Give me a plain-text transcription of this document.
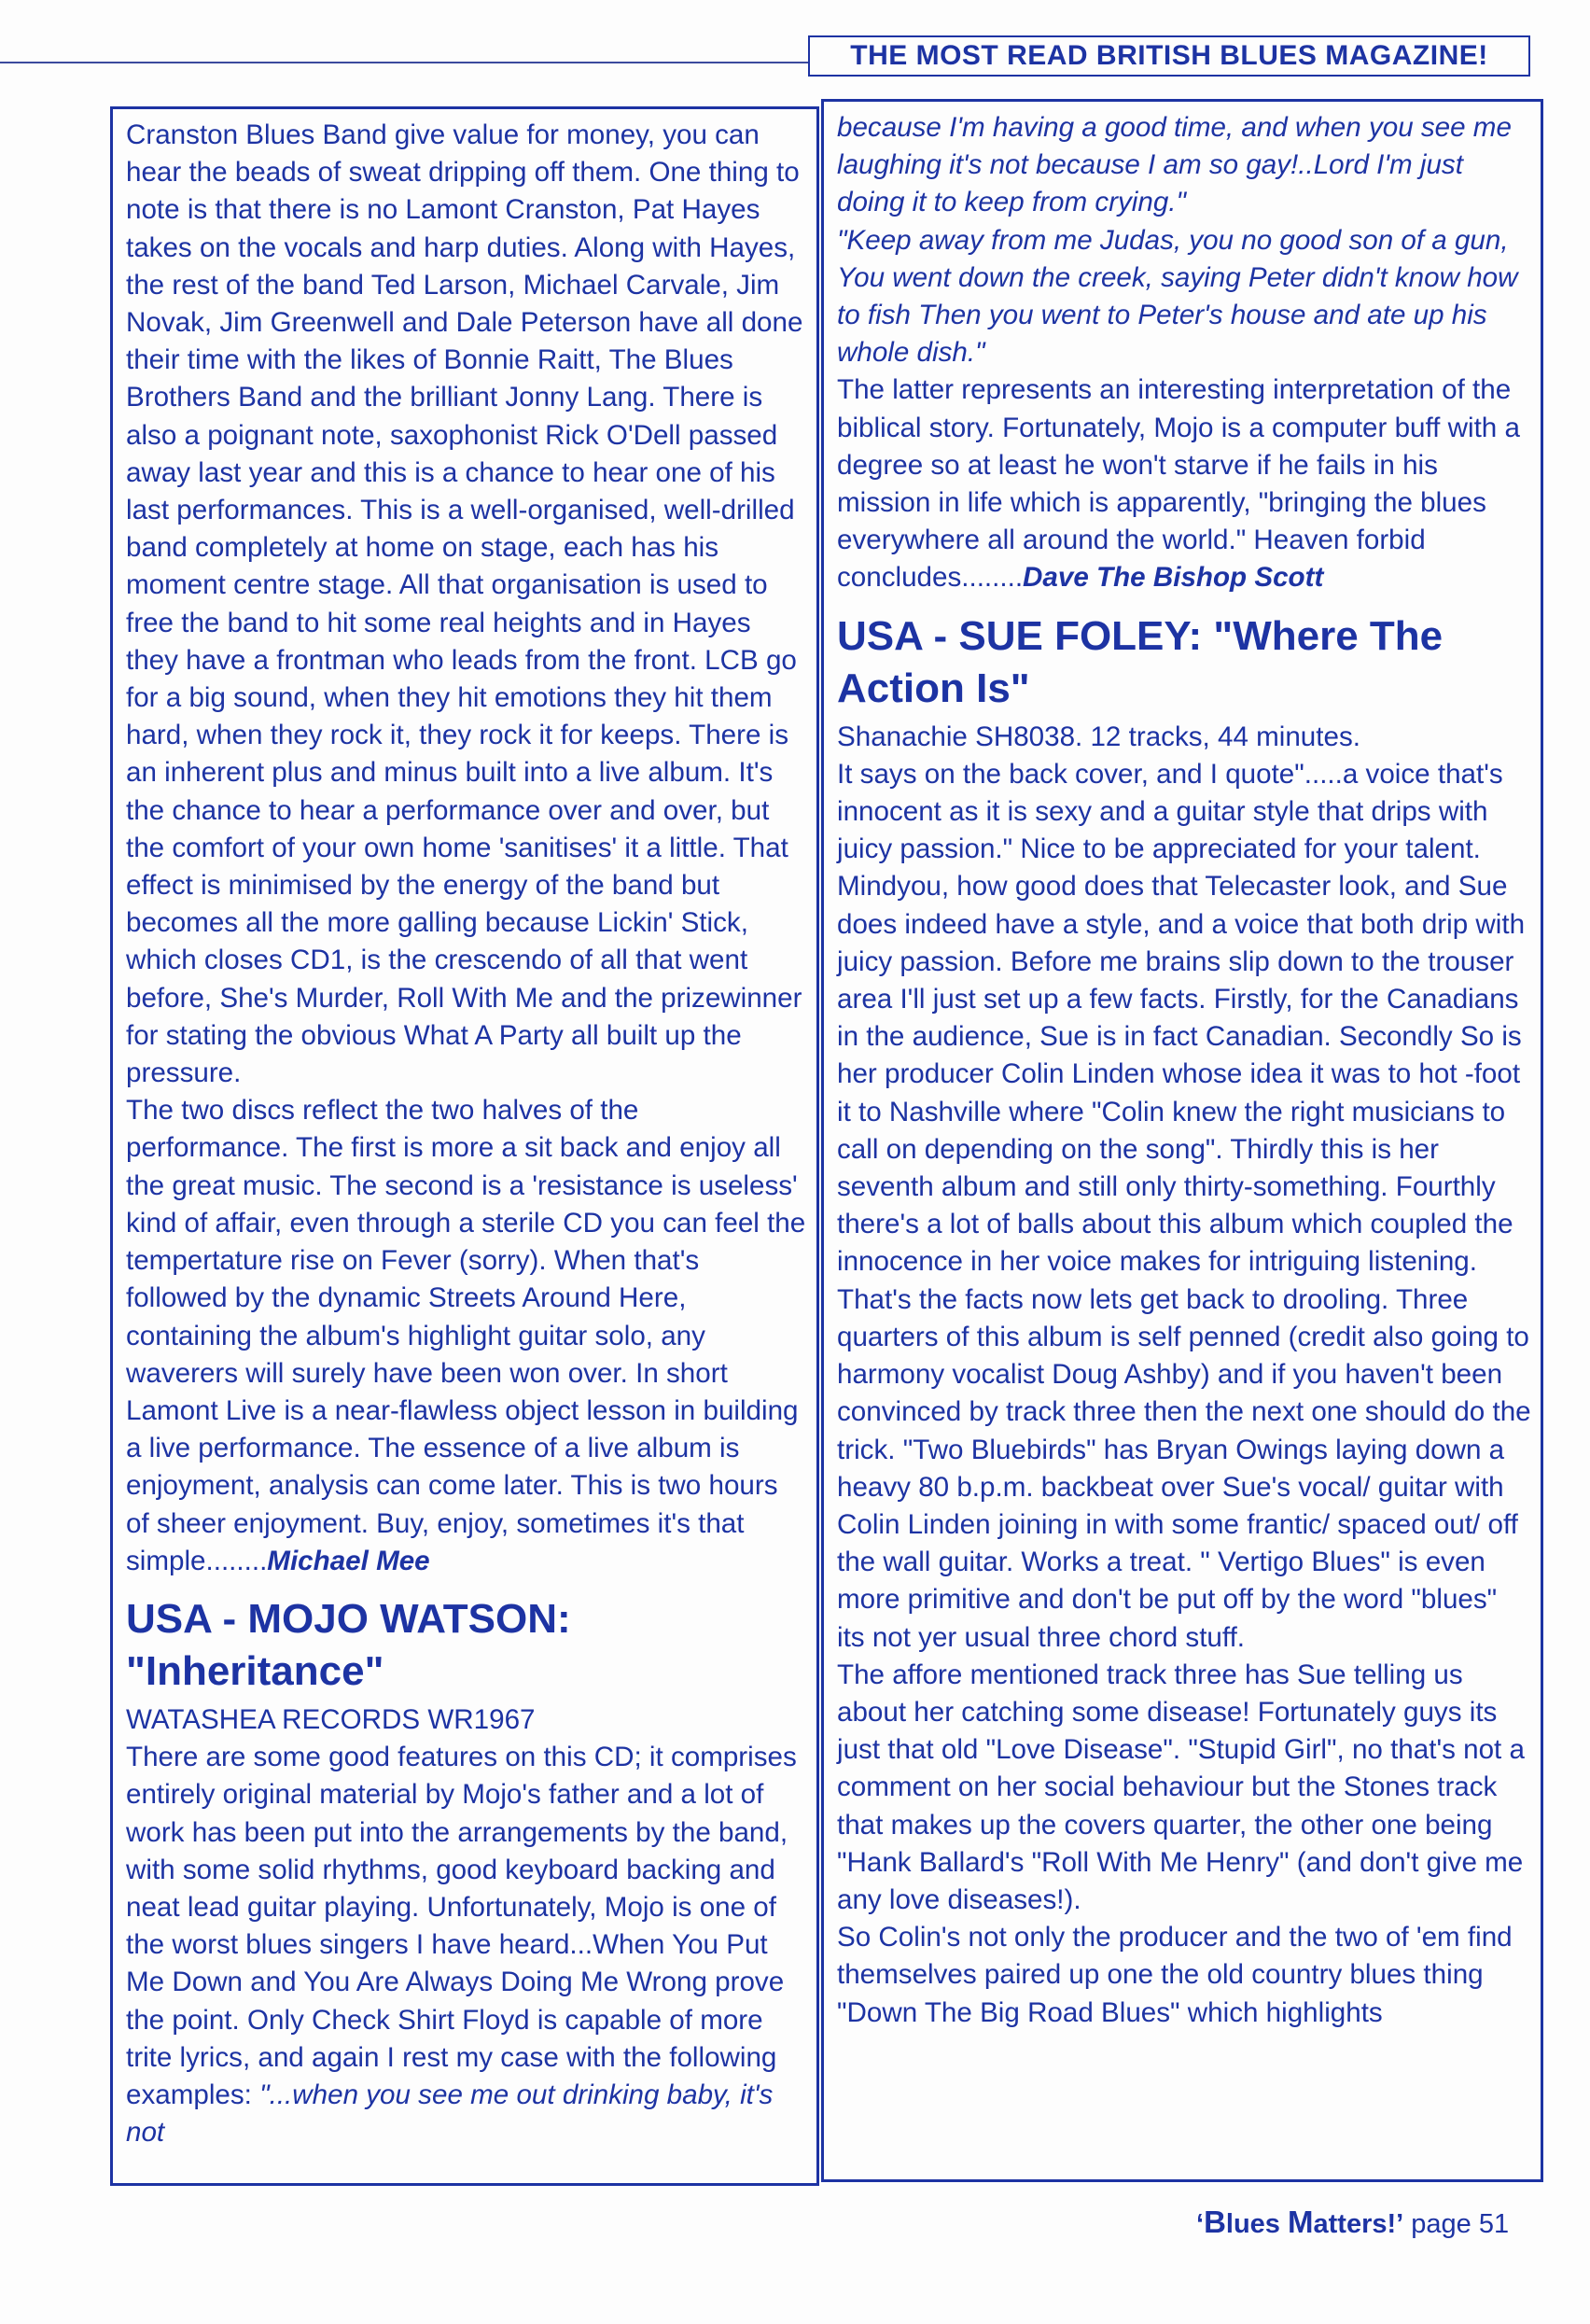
THE MOST READ BRITISH BLUES MAGAZINE!

Cranston Blues Band give value for money, you can hear the beads of sweat dripping off them. One thing to note is that there is no Lamont Cranston, Pat Hayes takes on the vocals and harp duties. Along with Hayes, the rest of the band Ted Larson, Michael Carvale, Jim Novak, Jim Greenwell and Dale Peterson have all done their time with the likes of Bonnie Raitt, The Blues Brothers Band and the brilliant Jonny Lang. There is also a poignant note, saxophonist Rick O'Dell passed away last year and this is a chance to hear one of his last performances. This is a well-organised, well-drilled band completely at home on stage, each has his moment centre stage. All that organisation is used to free the band to hit some real heights and in Hayes they have a frontman who leads from the front. LCB go for a big sound, when they hit emotions they hit them hard, when they rock it, they rock it for keeps. There is an inherent plus and minus built into a live album. It's the chance to hear a performance over and over, but the comfort of your own home 'sanitises' it a little. That effect is minimised by the energy of the band but becomes all the more galling because Lickin' Stick, which closes CD1, is the crescendo of all that went before, She's Murder, Roll With Me and the prizewinner for stating the obvious What A Party all built up the pressure.

The two discs reflect the two halves of the performance. The first is more a sit back and enjoy all the great music. The second is a 'resistance is useless' kind of affair, even through a sterile CD you can feel the tempertature rise on Fever (sorry). When that's followed by the dynamic Streets Around Here, containing the album's highlight guitar solo, any waverers will surely have been won over. In short Lamont Live is a near-flawless object lesson in building a live performance. The essence of a live album is enjoyment, analysis can come later. This is two hours of sheer enjoyment. Buy, enjoy, sometimes it's that simple........Michael Mee

USA - MOJO WATSON: "Inheritance"

WATASHEA RECORDS WR1967

There are some good features on this CD; it comprises entirely original material by Mojo's father and a lot of work has been put into the arrangements by the band, with some solid rhythms, good keyboard backing and neat lead guitar playing. Unfortunately, Mojo is one of the worst blues singers I have heard...When You Put Me Down and You Are Always Doing Me Wrong prove the point. Only Check Shirt Floyd is capable of more trite lyrics, and again I rest my case with the following examples: "...when you see me out drinking baby, it's not

because I'm having a good time, and when you see me laughing it's not because I am so gay!..Lord I'm just doing it to keep from crying."

"Keep away from me Judas, you no good son of a gun, You went down the creek, saying Peter didn't know how to fish Then you went to Peter's house and ate up his whole dish."

The latter represents an interesting interpretation of the biblical story. Fortunately, Mojo is a computer buff with a degree so at least he won't starve if he fails in his mission in life which is apparently, "bringing the blues everywhere all around the world." Heaven forbid concludes........Dave The Bishop Scott

USA - SUE FOLEY: "Where The Action Is"

Shanachie SH8038. 12 tracks, 44 minutes.

It says on the back cover, and I quote".....a voice that's innocent as it is sexy and a guitar style that drips with juicy passion." Nice to be appreciated for your talent. Mindyou, how good does that Telecaster look, and Sue does indeed have a style, and a voice that both drip with juicy passion. Before me brains slip down to the trouser area I'll just set up a few facts. Firstly, for the Canadians in the audience, Sue is in fact Canadian. Secondly So is her producer Colin Linden whose idea it was to hot -foot it to Nashville where "Colin knew the right musicians to call on depending on the song". Thirdly this is her seventh album and still only thirty-something. Fourthly there's a lot of balls about this album which coupled the innocence in her voice makes for intriguing listening. That's the facts now lets get back to drooling. Three quarters of this album is self penned (credit also going to harmony vocalist Doug Ashby) and if you haven't been convinced by track three then the next one should do the trick. "Two Bluebirds" has Bryan Owings laying down a heavy 80 b.p.m. backbeat over Sue's vocal/ guitar with Colin Linden joining in with some frantic/ spaced out/ off the wall guitar. Works a treat. " Vertigo Blues" is even more primitive and don't be put off by the word "blues" its not yer usual three chord stuff.

The affore mentioned track three has Sue telling us about her catching some disease! Fortunately guys its just that old "Love Disease". "Stupid Girl", no that's not a comment on her social behaviour but the Stones track that makes up the covers quarter, the other one being "Hank Ballard's "Roll With Me Henry" (and don't give me any love diseases!).

So Colin's not only the producer and the two of 'em find themselves paired up one the old country blues thing "Down The Big Road Blues" which highlights

‘Blues Matters!’ page 51
